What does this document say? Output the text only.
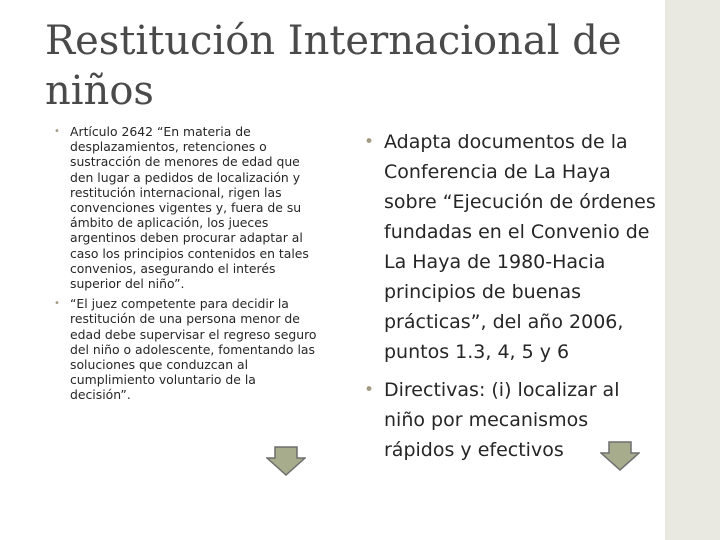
Restitución Internacional de niños
• Artículo 2642 “En materia de desplazamientos, retenciones o sustracción de menores de edad que den lugar a pedidos de localización y restitución internacional, rigen las convenciones vigentes y, fuera de su ámbito de aplicación, los jueces argentinos deben procurar adaptar al caso los principios contenidos en tales convenios, asegurando el interés superior del niño”.
• “El juez competente para decidir la restitución de una persona menor de edad debe supervisar el regreso seguro del niño o adolescente, fomentando las soluciones que conduzcan al cumplimiento voluntario de la decisión”.
• Adapta documentos de la Conferencia de La Haya sobre “Ejecución de órdenes fundadas en el Convenio de La Haya de 1980-Hacia principios de buenas prácticas”, del año 2006, puntos 1.3, 4, 5 y 6
• Directivas: (i) localizar al niño por mecanismos rápidos y efectivos
